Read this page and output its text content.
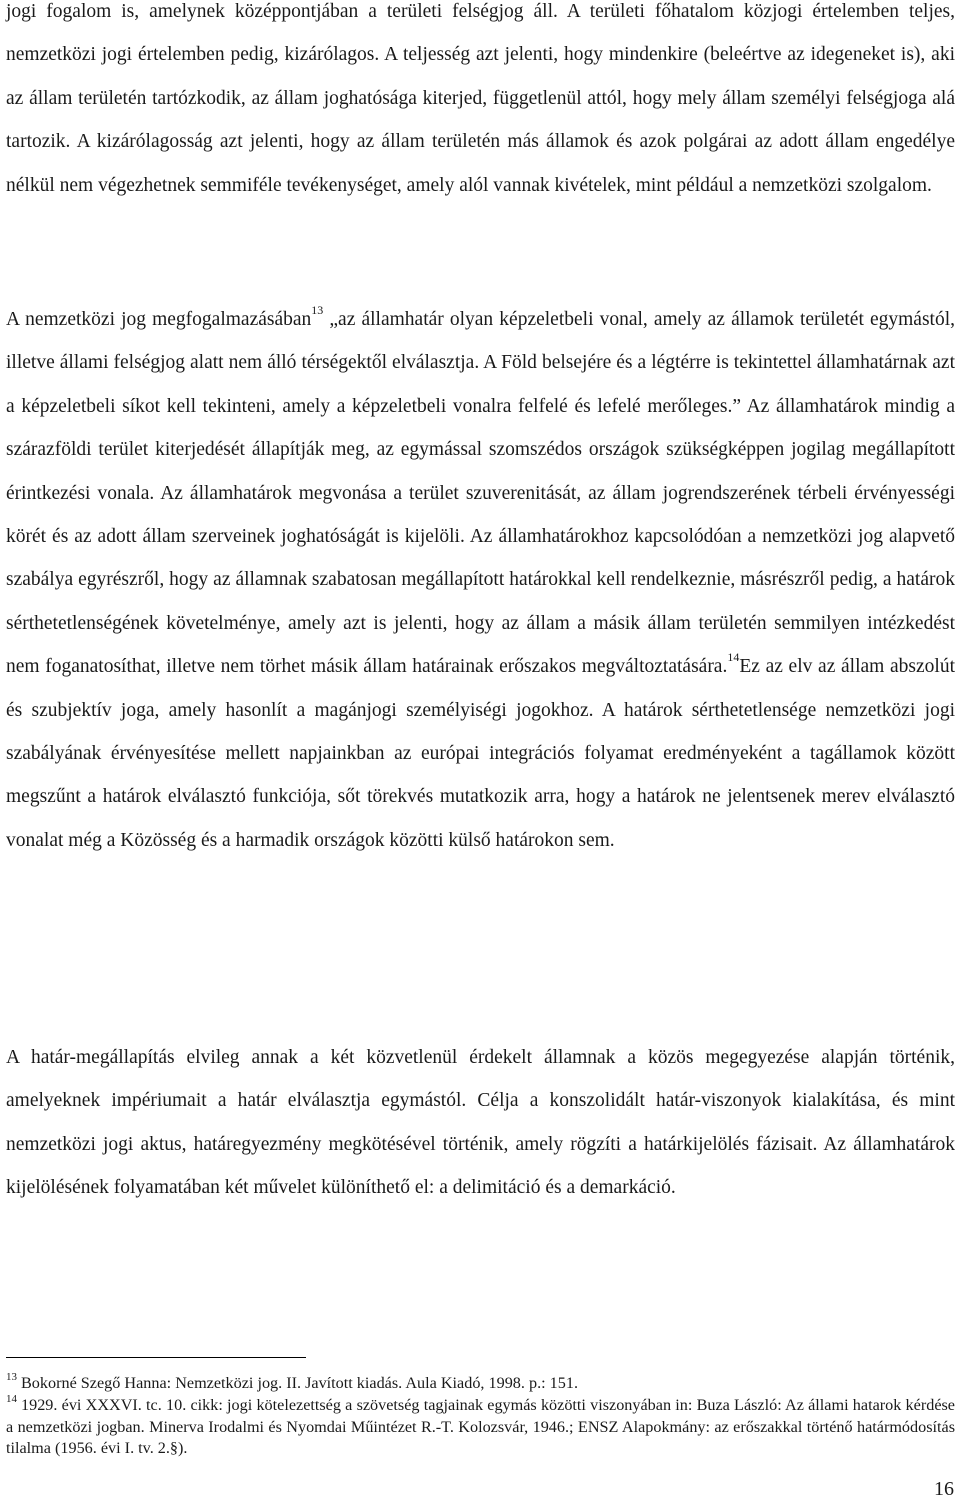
jogi fogalom is, amelynek középpontjában a területi felségjog áll. A területi főhatalom közjogi értelemben teljes, nemzetközi jogi értelemben pedig, kizárólagos. A teljesség azt jelenti, hogy mindenkire (beleértve az idegeneket is), aki az állam területén tartózkodik, az állam joghatósága kiterjed, függetlenül attól, hogy mely állam személyi felségjoga alá tartozik. A kizárólagosság azt jelenti, hogy az állam területén más államok és azok polgárai az adott állam engedélye nélkül nem végezhetnek semmiféle tevékenységet, amely alól vannak kivételek, mint például a nemzetközi szolgalom.

A nemzetközi jog megfogalmazásában$^{13}$ „az államhatár olyan képzeletbeli vonal, amely az államok területét egymástól, illetve állami felségjog alatt nem álló térségektől elválasztja. A Föld belsejére és a légtérre is tekintettel államhatárnak azt a képzeletbeli síkot kell tekinteni, amely a képzeletbeli vonalra felfelé és lefelé merőleges.” Az államhatárok mindig a szárazföldi terület kiterjedését állapítják meg, az egymással szomszédos országok szükségképpen jogilag megállapított érintkezési vonala. Az államhatárok megvonása a terület szuverenitását, az állam jogrendszerének térbeli érvényességi körét és az adott állam szerveinek joghatóságát is kijelöli. Az államhatárokhoz kapcsolódóan a nemzetközi jog alapvető szabálya egyrészről, hogy az államnak szabatosan megállapított határokkal kell rendelkeznie, másrészről pedig, a határok sérthetetlenségének követelménye, amely azt is jelenti, hogy az állam a másik állam területén semmilyen intézkedést nem foganatosíthat, illetve nem törhet másik állam határainak erőszakos megváltoztatására.$^{14}$Ez az elv az állam abszolút és szubjektív joga, amely hasonlít a magánjogi személyiségi jogokhoz. A határok sérthetetlensége nemzetközi jogi szabályának érvényesítése mellett napjainkban az európai integrációs folyamat eredményeként a tagállamok között megszűnt a határok elválasztó funkciója, sőt törekvés mutatkozik arra, hogy a határok ne jelentsenek merev elválasztó vonalat még a Közösség és a harmadik országok közötti külső határokon sem.

A határ-megállapítás elvileg annak a két közvetlenül érdekelt államnak a közös megegyezése alapján történik, amelyeknek impériumait a határ elválasztja egymástól. Célja a konszolidált határ-viszonyok kialakítása, és mint nemzetközi jogi aktus, határegyezmény megkötésével történik, amely rögzíti a határkijelölés fázisait. Az államhatárok kijelölésének folyamatában két művelet különíthető el: a delimitáció és a demarkáció.

$^{13}$ Bokorné Szegő Hanna: Nemzetközi jog. II. Javított kiadás. Aula Kiadó, 1998. p.: 151.

$^{14}$ 1929. évi XXXVI. tc. 10. cikk: jogi kötelezettség a szövetség tagjainak egymás közötti viszonyában in: Buza László: Az állami hatarok kérdése a nemzetközi jogban. Minerva Irodalmi és Nyomdai Műintézet R.-T. Kolozsvár, 1946.; ENSZ Alapokmány: az erőszakkal történő határmódosítás tilalma (1956. évi I. tv. 2.§).

16
